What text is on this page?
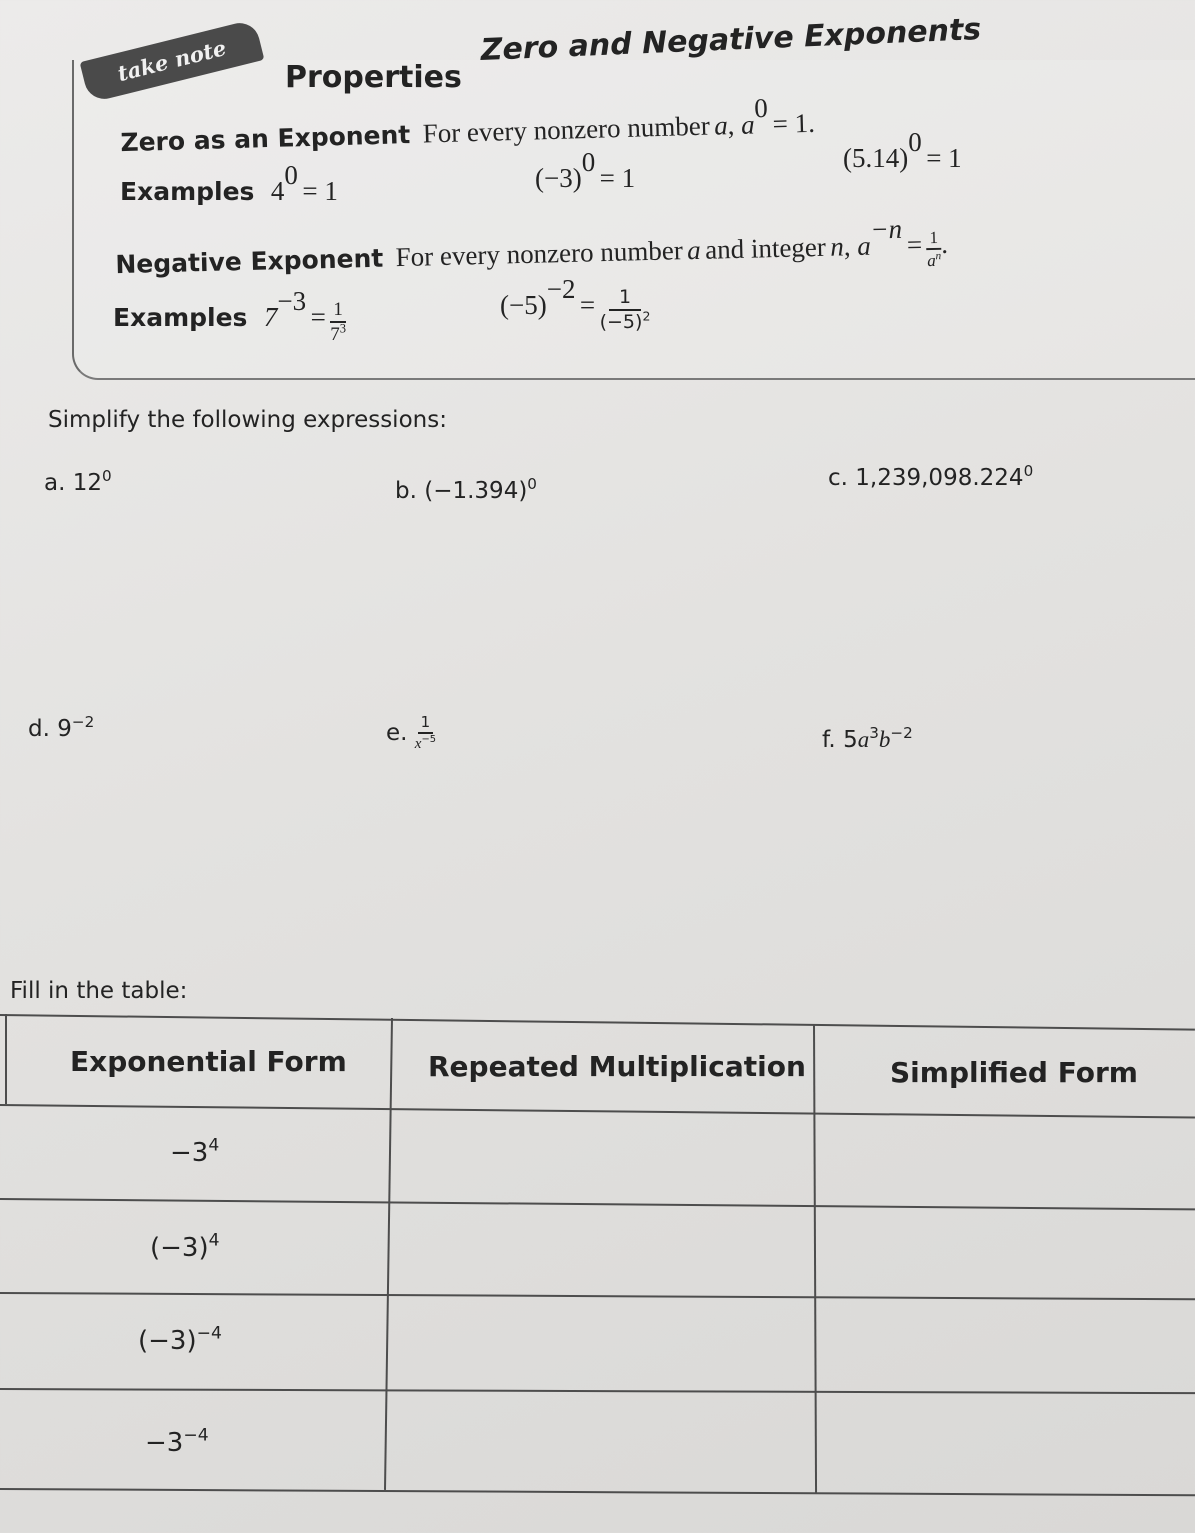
take note	Properties
Zero and Negative Exponents
Zero as an Exponent For every nonzero number a, $a^0 = 1$.
Examples $4^0 = 1$	$(-3)^0 = 1$
$(5.14)^0 = 1$
Negative Exponent For every nonzero number a and integer n, $a^{-n} = \frac{1}{a^n}$ .
Examples $7^{-3} = \frac{1}{7^3}$	$(-5)^{-2} = \frac{1}{(-5)^2}$
Simplify the following expressions:
a. $12^0$
b. $(-1.394)^0$	c. 1,239,098.224$^0$
d. $9^{-2}$	e. $\frac{1}{x^{-5}}$	f. $5a^3b^{-2}$
Fill in the table:
Exponential Form	Repeated Multiplication	Simplified Form
$-3^4$
$(-3)^4$
$(-3)^{-4}$
$-3^{-4}$
